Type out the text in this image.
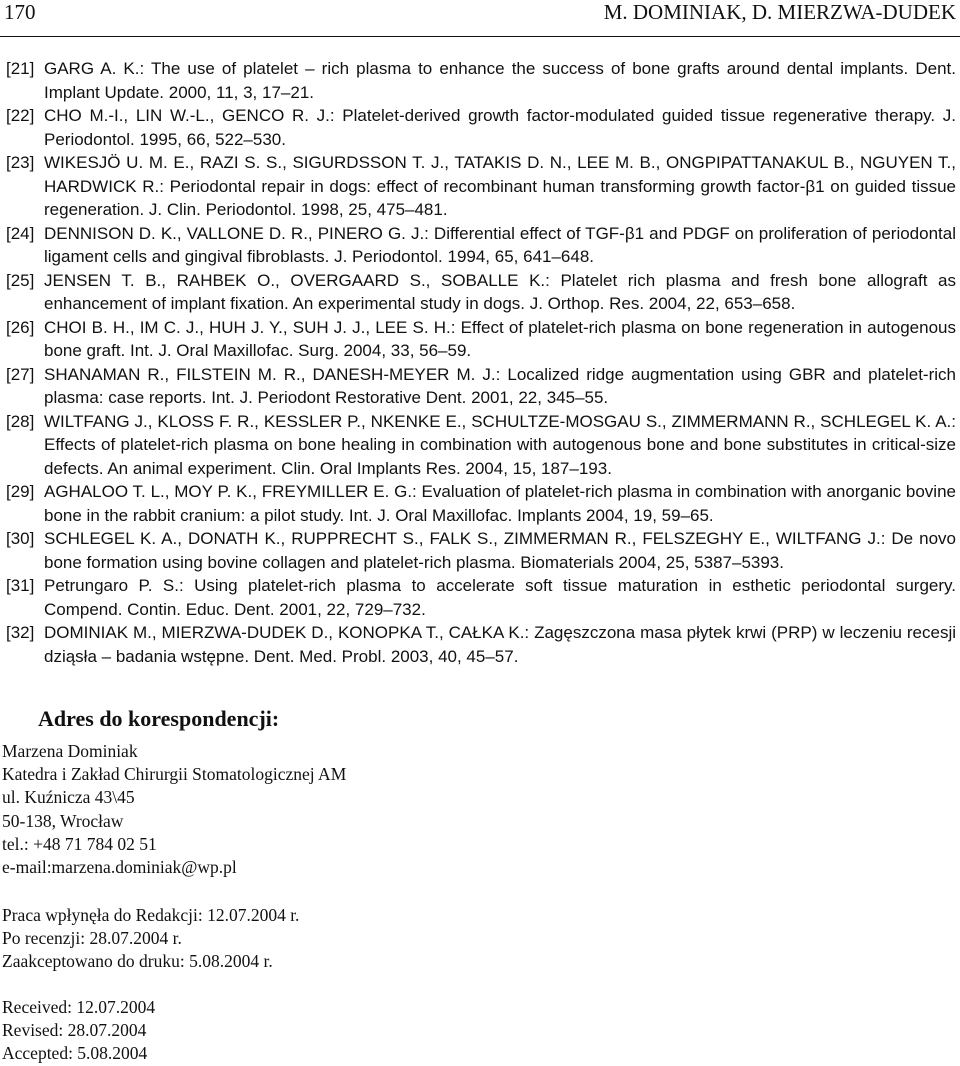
170	M. DOMINIAK, D. MIERZWA-DUDEK
[21] GARG A. K.: The use of platelet – rich plasma to enhance the success of bone grafts around dental implants. Dent. Implant Update. 2000, 11, 3, 17–21.
[22] CHO M.-I., LIN W.-L., GENCO R. J.: Platelet-derived growth factor-modulated guided tissue regenerative therapy. J. Periodontol. 1995, 66, 522–530.
[23] WIKESJÖ U. M. E., RAZI S. S., SIGURDSSON T. J., TATAKIS D. N., LEE M. B., ONGPIPATTANAKUL B., NGUYEN T., HARDWICK R.: Periodontal repair in dogs: effect of recombinant human transforming growth factor-β1 on guided tissue regeneration. J. Clin. Periodontol. 1998, 25, 475–481.
[24] DENNISON D. K., VALLONE D. R., PINERO G. J.: Differential effect of TGF-β1 and PDGF on proliferation of periodontal ligament cells and gingival fibroblasts. J. Periodontol. 1994, 65, 641–648.
[25] JENSEN T. B., RAHBEK O., OVERGAARD S., SOBALLE K.: Platelet rich plasma and fresh bone allograft as enhancement of implant fixation. An experimental study in dogs. J. Orthop. Res. 2004, 22, 653–658.
[26] CHOI B. H., IM C. J., HUH J. Y., SUH J. J., LEE S. H.: Effect of platelet-rich plasma on bone regeneration in autogenous bone graft. Int. J. Oral Maxillofac. Surg. 2004, 33, 56–59.
[27] SHANAMAN R., FILSTEIN M. R., DANESH-MEYER M. J.: Localized ridge augmentation using GBR and platelet-rich plasma: case reports. Int. J. Periodont Restorative Dent. 2001, 22, 345–55.
[28] WILTFANG J., KLOSS F. R., KESSLER P., NKENKE E., SCHULTZE-MOSGAU S., ZIMMERMANN R., SCHLEGEL K. A.: Effects of platelet-rich plasma on bone healing in combination with autogenous bone and bone substitutes in critical-size defects. An animal experiment. Clin. Oral Implants Res. 2004, 15, 187–193.
[29] AGHALOO T. L., MOY P. K., FREYMILLER E. G.: Evaluation of platelet-rich plasma in combination with anorganic bovine bone in the rabbit cranium: a pilot study. Int. J. Oral Maxillofac. Implants 2004, 19, 59–65.
[30] SCHLEGEL K. A., DONATH K., RUPPRECHT S., FALK S., ZIMMERMAN R., FELSZEGHY E., WILTFANG J.: De novo bone formation using bovine collagen and platelet-rich plasma. Biomaterials 2004, 25, 5387–5393.
[31] Petrungaro P. S.: Using platelet-rich plasma to accelerate soft tissue maturation in esthetic periodontal surgery. Compend. Contin. Educ. Dent. 2001, 22, 729–732.
[32] DOMINIAK M., MIERZWA-DUDEK D., KONOPKA T., CAŁKA K.: Zagęszczona masa płytek krwi (PRP) w leczeniu recesji dziąsła – badania wstępne. Dent. Med. Probl. 2003, 40, 45–57.
Adres do korespondencji:
Marzena Dominiak
Katedra i Zakład Chirurgii Stomatologicznej AM
ul. Kuźnicza 43\45
50-138, Wrocław
tel.: +48 71 784 02 51
e-mail:marzena.dominiak@wp.pl
Praca wpłynęła do Redakcji: 12.07.2004 r.
Po recenzji: 28.07.2004 r.
Zaakceptowano do druku: 5.08.2004 r.
Received: 12.07.2004
Revised: 28.07.2004
Accepted: 5.08.2004
